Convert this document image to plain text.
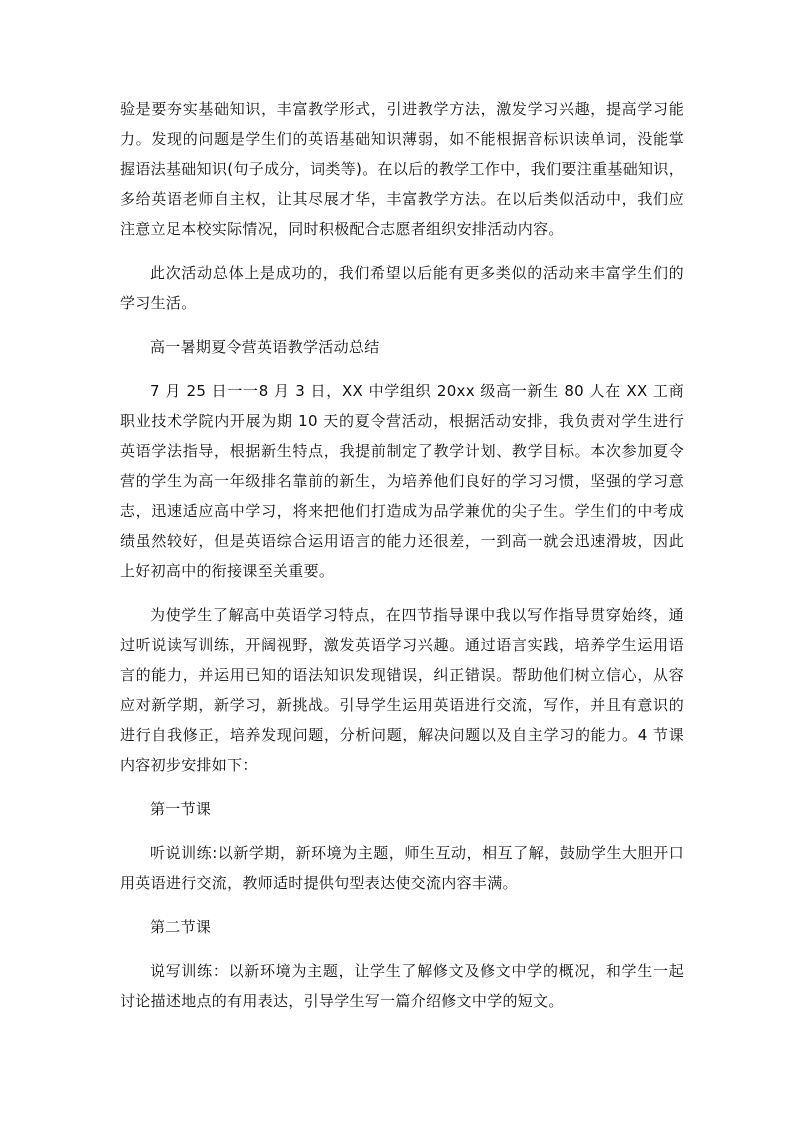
验是要夯实基础知识，丰富教学形式，引进教学方法，激发学习兴趣，提高学习能力。发现的问题是学生们的英语基础知识薄弱，如不能根据音标识读单词，没能掌握语法基础知识(句子成分，词类等)。在以后的教学工作中，我们要注重基础知识，多给英语老师自主权，让其尽展才华，丰富教学方法。在以后类似活动中，我们应注意立足本校实际情况，同时积极配合志愿者组织安排活动内容。

此次活动总体上是成功的，我们希望以后能有更多类似的活动来丰富学生们的学习生活。

高一暑期夏令营英语教学活动总结

7 月 25 日一一8 月 3 日，XX 中学组织 20xx 级高一新生 80 人在 XX 工商职业技术学院内开展为期 10 天的夏令营活动，根据活动安排，我负责对学生进行英语学法指导，根据新生特点，我提前制定了教学计划、教学目标。本次参加夏令营的学生为高一年级排名靠前的新生，为培养他们良好的学习习惯，坚强的学习意志，迅速适应高中学习，将来把他们打造成为品学兼优的尖子生。学生们的中考成绩虽然较好，但是英语综合运用语言的能力还很差，一到高一就会迅速滑坡，因此上好初高中的衔接课至关重要。

为使学生了解高中英语学习特点，在四节指导课中我以写作指导贯穿始终，通过听说读写训练，开阔视野，激发英语学习兴趣。通过语言实践，培养学生运用语言的能力，并运用已知的语法知识发现错误，纠正错误。帮助他们树立信心，从容应对新学期，新学习，新挑战。引导学生运用英语进行交流，写作，并且有意识的进行自我修正，培养发现问题，分析问题，解决问题以及自主学习的能力。4 节课内容初步安排如下：

第一节课

听说训练:以新学期，新环境为主题，师生互动，相互了解，鼓励学生大胆开口用英语进行交流，教师适时提供句型表达使交流内容丰满。

第二节课

说写训练：以新环境为主题，让学生了解修文及修文中学的概况，和学生一起讨论描述地点的有用表达，引导学生写一篇介绍修文中学的短文。
